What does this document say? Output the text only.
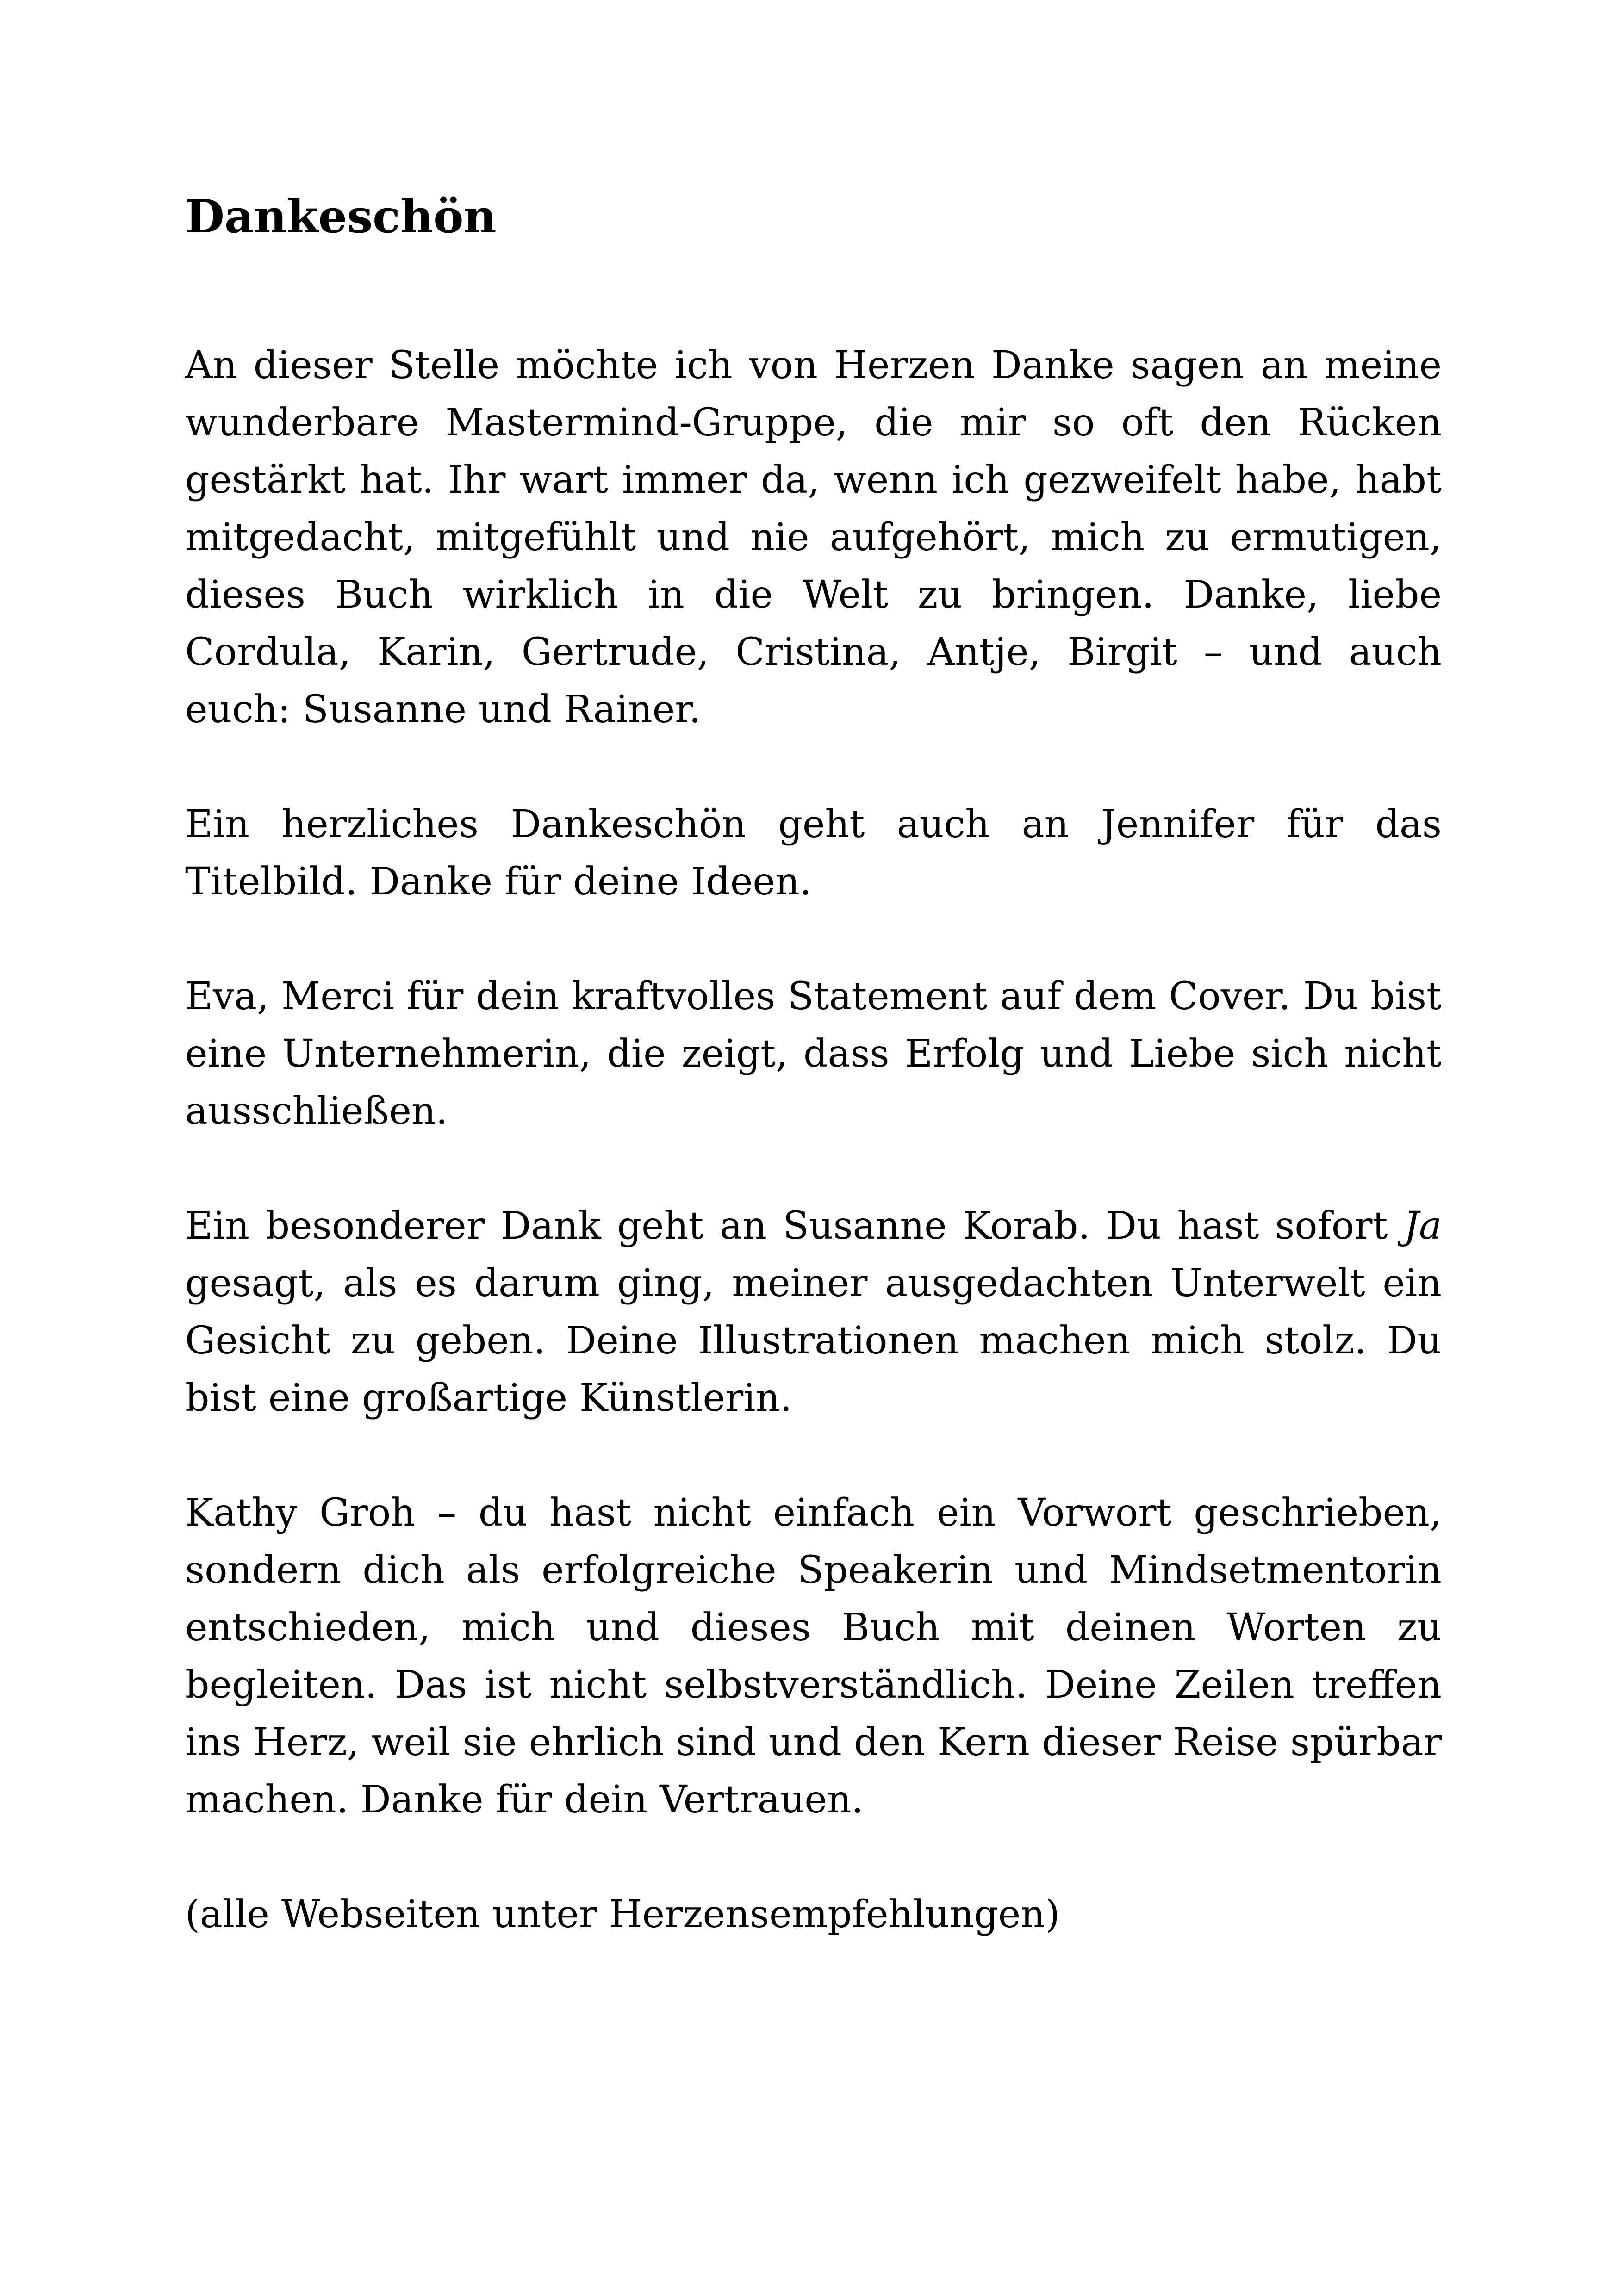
Dankeschön

An dieser Stelle möchte ich von Herzen Danke sagen an meine wunderbare Mastermind-Gruppe, die mir so oft den Rücken gestärkt hat. Ihr wart immer da, wenn ich gezweifelt habe, habt mitgedacht, mitgefühlt und nie aufgehört, mich zu ermutigen, dieses Buch wirklich in die Welt zu bringen. Danke, liebe Cordula, Karin, Gertrude, Cristina, Antje, Birgit – und auch euch: Susanne und Rainer.

Ein herzliches Dankeschön geht auch an Jennifer für das Titelbild. Danke für deine Ideen.

Eva, Merci für dein kraftvolles Statement auf dem Cover. Du bist eine Unternehmerin, die zeigt, dass Erfolg und Liebe sich nicht ausschließen.

Ein besonderer Dank geht an Susanne Korab. Du hast sofort Ja gesagt, als es darum ging, meiner ausgedachten Unterwelt ein Gesicht zu geben. Deine Illustrationen machen mich stolz. Du bist eine großartige Künstlerin.

Kathy Groh – du hast nicht einfach ein Vorwort geschrieben, sondern dich als erfolgreiche Speakerin und Mindsetmentorin entschieden, mich und dieses Buch mit deinen Worten zu begleiten. Das ist nicht selbstverständlich. Deine Zeilen treffen ins Herz, weil sie ehrlich sind und den Kern dieser Reise spürbar machen. Danke für dein Vertrauen.

(alle Webseiten unter Herzensempfehlungen)
